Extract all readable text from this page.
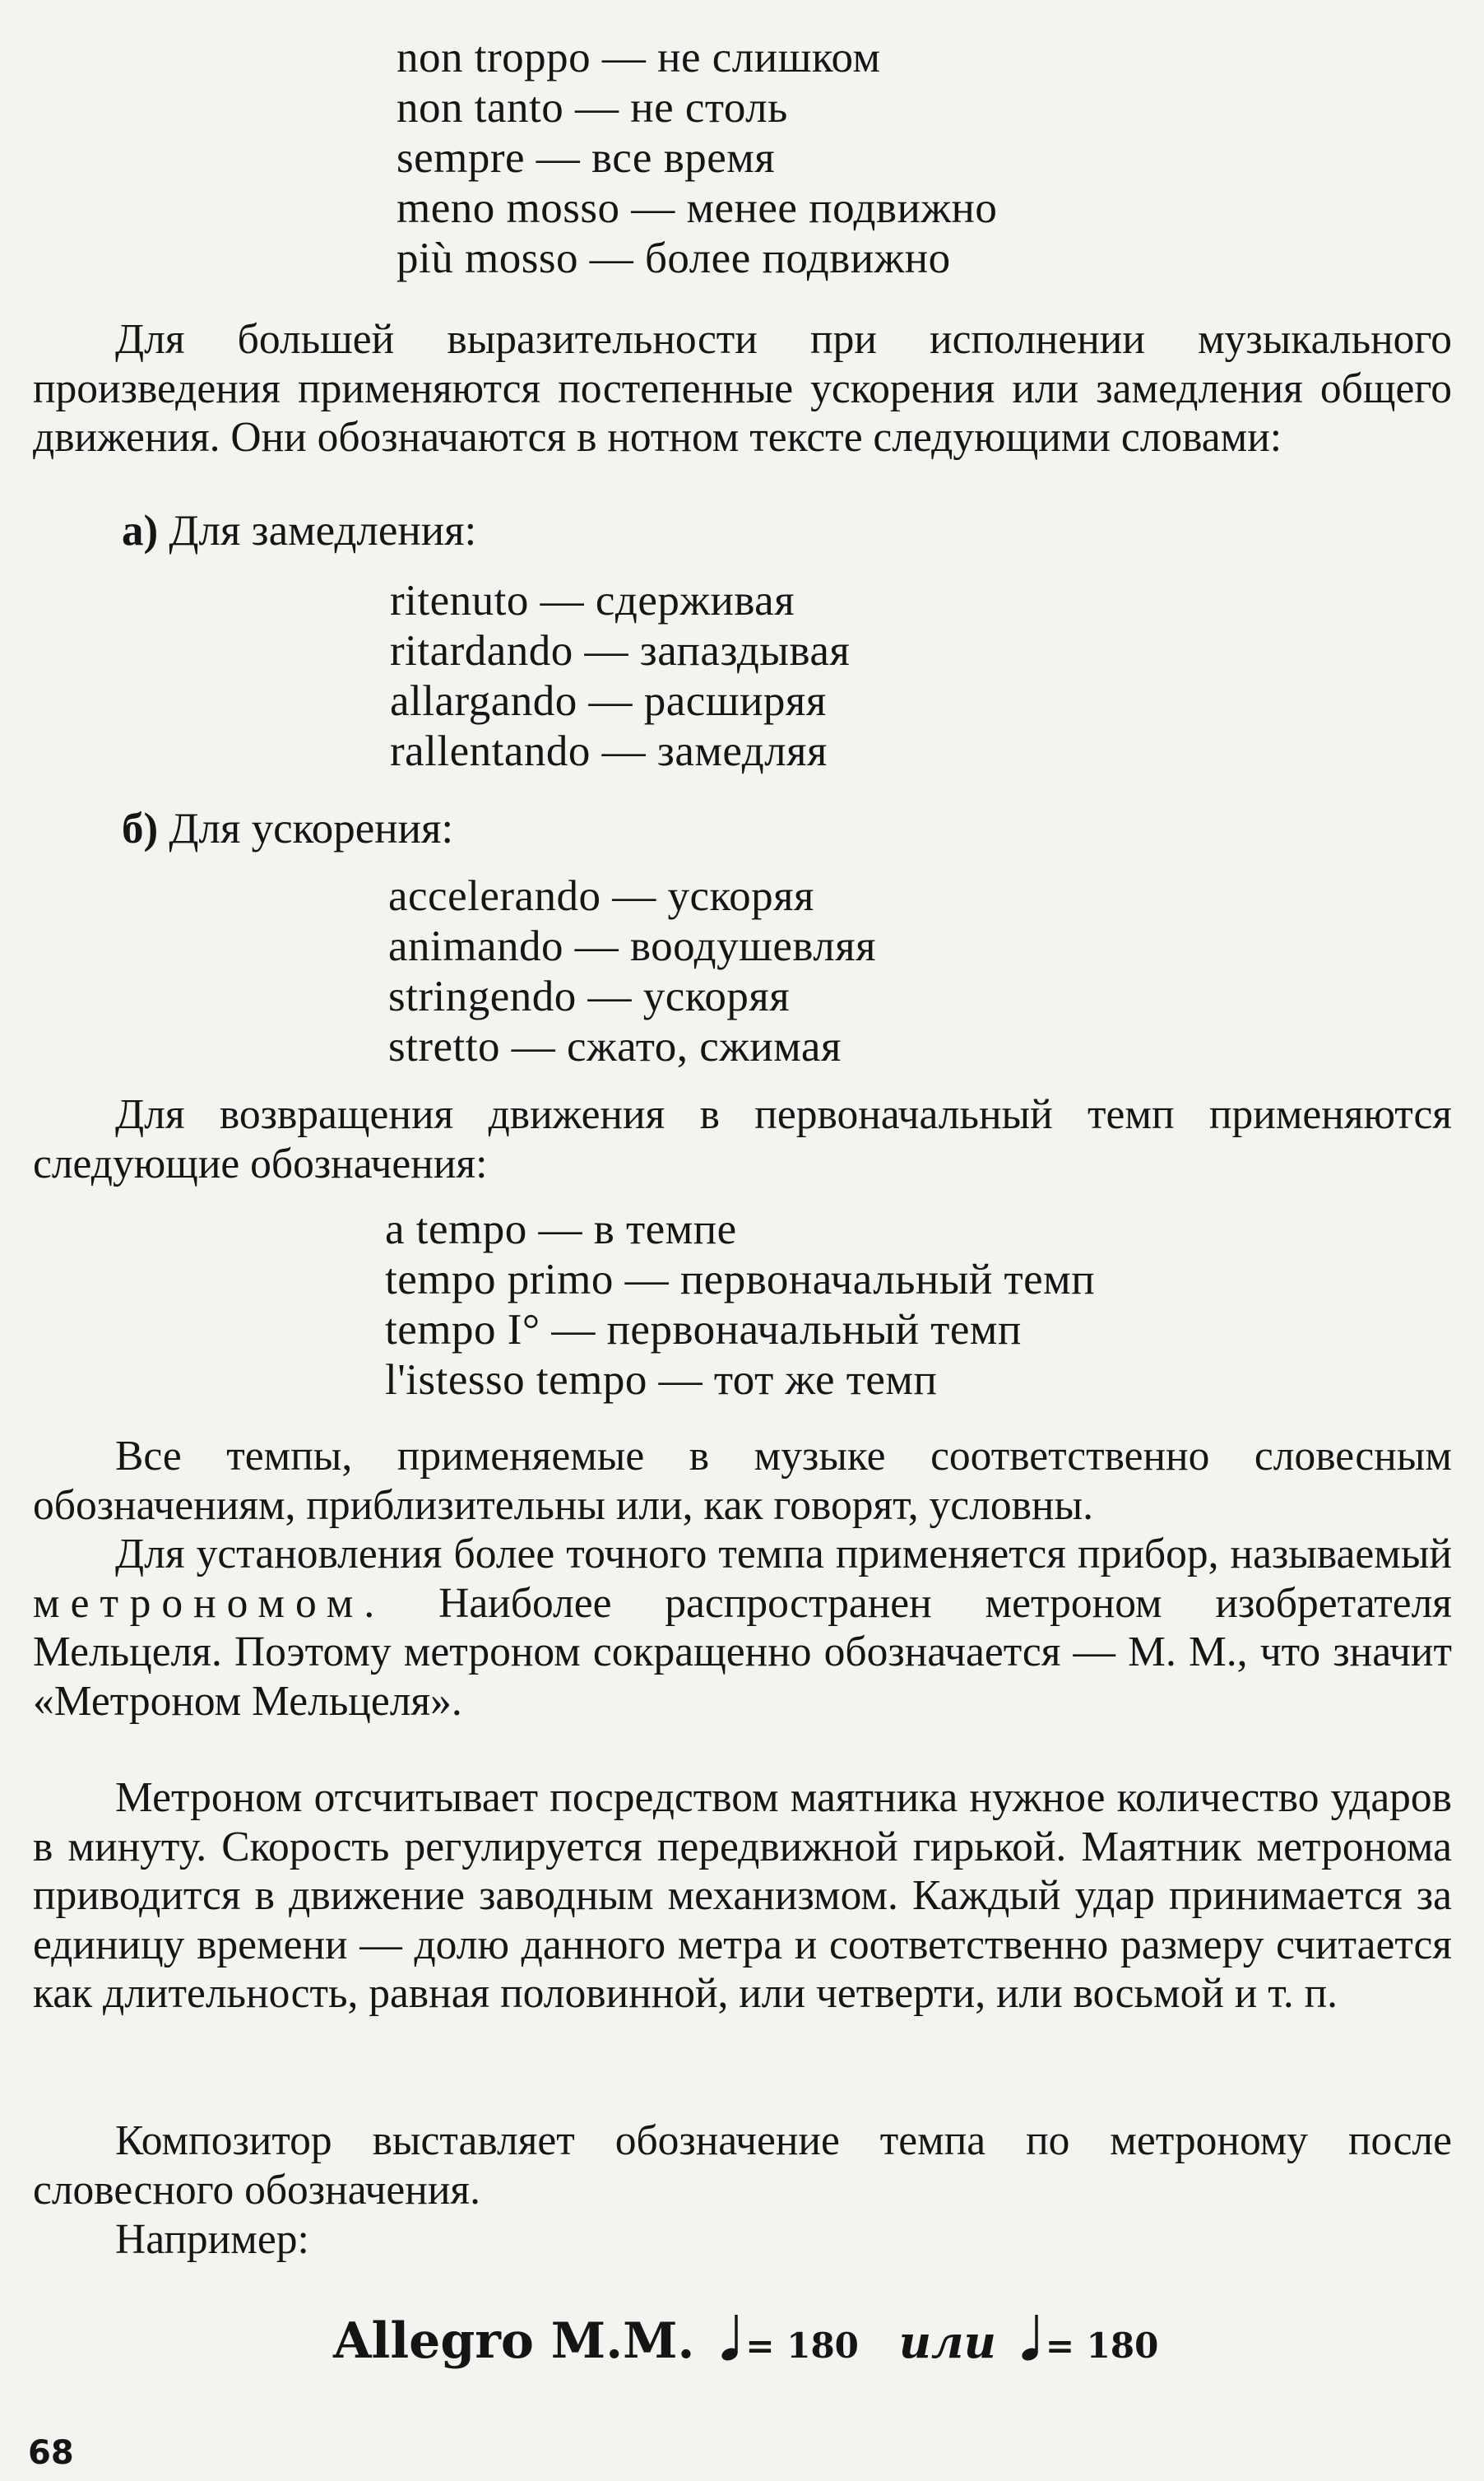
non troppo — не слишком
non tanto — не столь
sempre — все время
meno mosso — менее подвижно
più mosso — более подвижно

Для большей выразительности при исполнении музыкального произведения применяются постепенные ускорения или замедления общего движения. Они обозначаются в нотном тексте следующими словами:

а) Для замедления:
ritenuto — сдерживая
ritardando — запаздывая
allargando — расширяя
rallentando — замедляя
б) Для ускорения:
accelerando — ускоряя
animando — воодушевляя
stringendo — ускоряя
stretto — сжато, сжимая

Для возвращения движения в первоначальный темп применяются следующие обозначения:

a tempo — в темпе
tempo primo — первоначальный темп
tempo I° — первоначальный темп
l'istesso tempo — тот же темп

Все темпы, применяемые в музыке соответственно словесным обозначениям, приблизительны или, как говорят, условны.

Для установления более точного темпа применяется прибор, называемый метрономом. Наиболее распространен метроном изобретателя Мельцеля. Поэтому метроном сокращенно обозначается — М. М., что значит «Метроном Мельцеля».

Метроном отсчитывает посредством маятника нужное количество ударов в минуту. Скорость регулируется передвижной гирькой. Маятник метронома приводится в движение заводным механизмом. Каждый удар принимается за единицу времени — долю данного метра и соответственно размеру считается как длительность, равная половинной, или четверти, или восьмой и т. п.

Композитор выставляет обозначение темпа по метроному после словесного обозначения.

Например:

Allegro M.M. = 180 или = 180
68
